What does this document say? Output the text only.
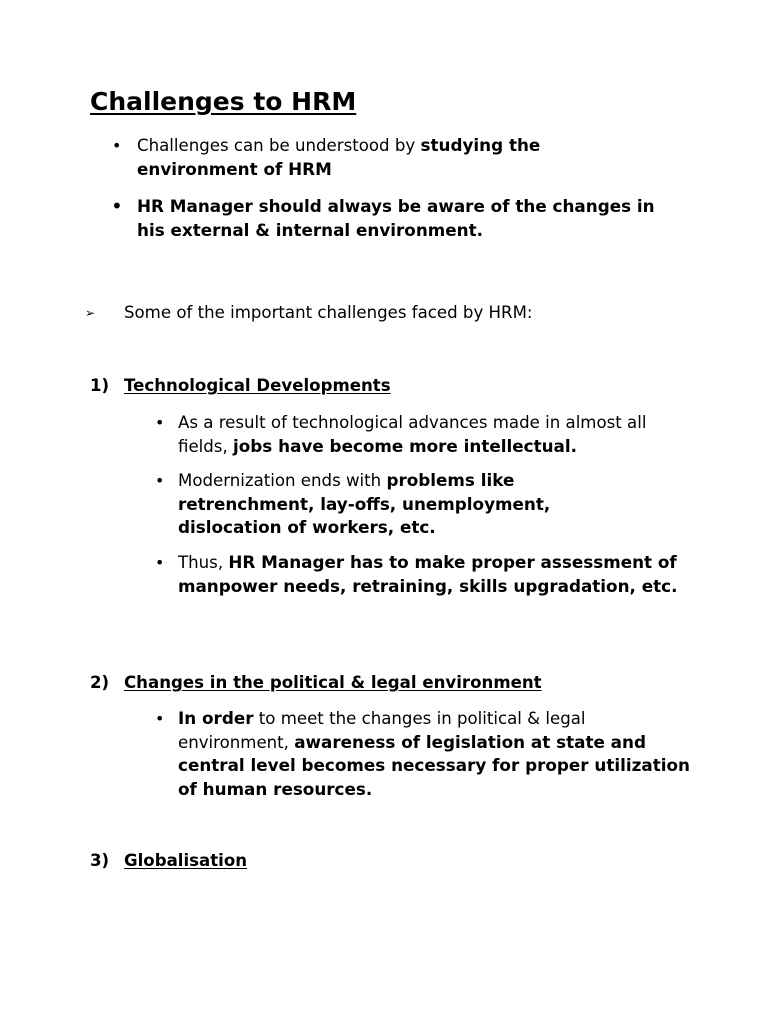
Challenges to HRM
• Challenges can be understood by studying the environment of HRM
• HR Manager should always be aware of the changes in his external & internal environment.
➢ Some of the important challenges faced by HRM:
1) Technological Developments
• As a result of technological advances made in almost all fields, jobs have become more intellectual.
• Modernization ends with problems like retrenchment, lay-offs, unemployment, dislocation of workers, etc.
• Thus, HR Manager has to make proper assessment of manpower needs, retraining, skills upgradation, etc.
2) Changes in the political & legal environment
• In order to meet the changes in political & legal environment, awareness of legislation at state and central level becomes necessary for proper utilization of human resources.
3) Globalisation
